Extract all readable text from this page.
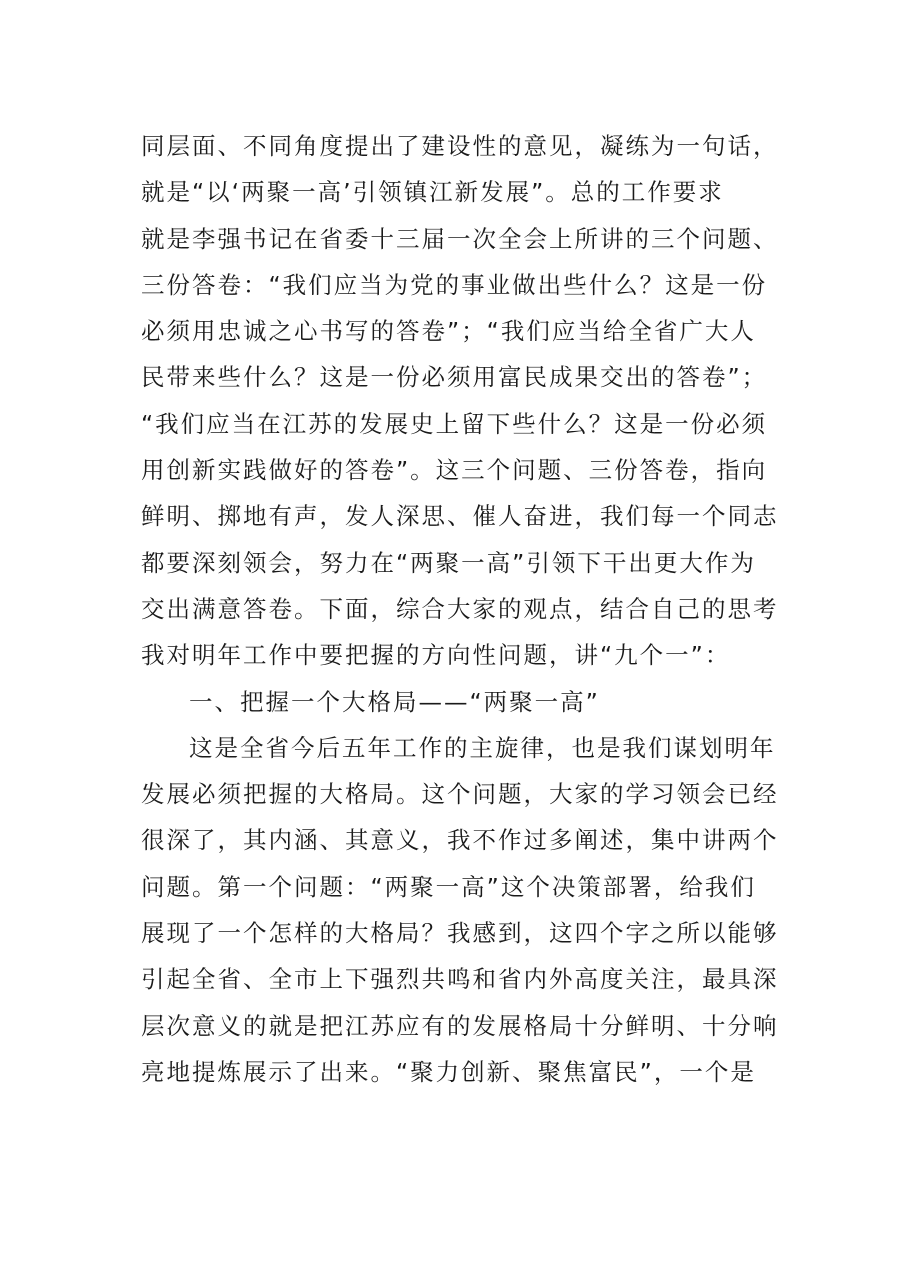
同层面、不同角度提出了建设性的意见，凝练为一句话，
就是“以‘两聚一高’引领镇江新发展”。总的工作要求
就是李强书记在省委十三届一次全会上所讲的三个问题、
三份答卷：“我们应当为党的事业做出些什么？这是一份
必须用忠诚之心书写的答卷”；“我们应当给全省广大人
民带来些什么？这是一份必须用富民成果交出的答卷”；
“我们应当在江苏的发展史上留下些什么？这是一份必须
用创新实践做好的答卷”。这三个问题、三份答卷，指向
鲜明、掷地有声，发人深思、催人奋进，我们每一个同志
都要深刻领会，努力在“两聚一高”引领下干出更大作为
交出满意答卷。下面，综合大家的观点，结合自己的思考
我对明年工作中要把握的方向性问题，讲“九个一”：
一、把握一个大格局——“两聚一高”
这是全省今后五年工作的主旋律，也是我们谋划明年
发展必须把握的大格局。这个问题，大家的学习领会已经
很深了，其内涵、其意义，我不作过多阐述，集中讲两个
问题。第一个问题：“两聚一高”这个决策部署，给我们
展现了一个怎样的大格局？我感到，这四个字之所以能够
引起全省、全市上下强烈共鸣和省内外高度关注，最具深
层次意义的就是把江苏应有的发展格局十分鲜明、十分响
亮地提炼展示了出来。“聚力创新、聚焦富民”，一个是
